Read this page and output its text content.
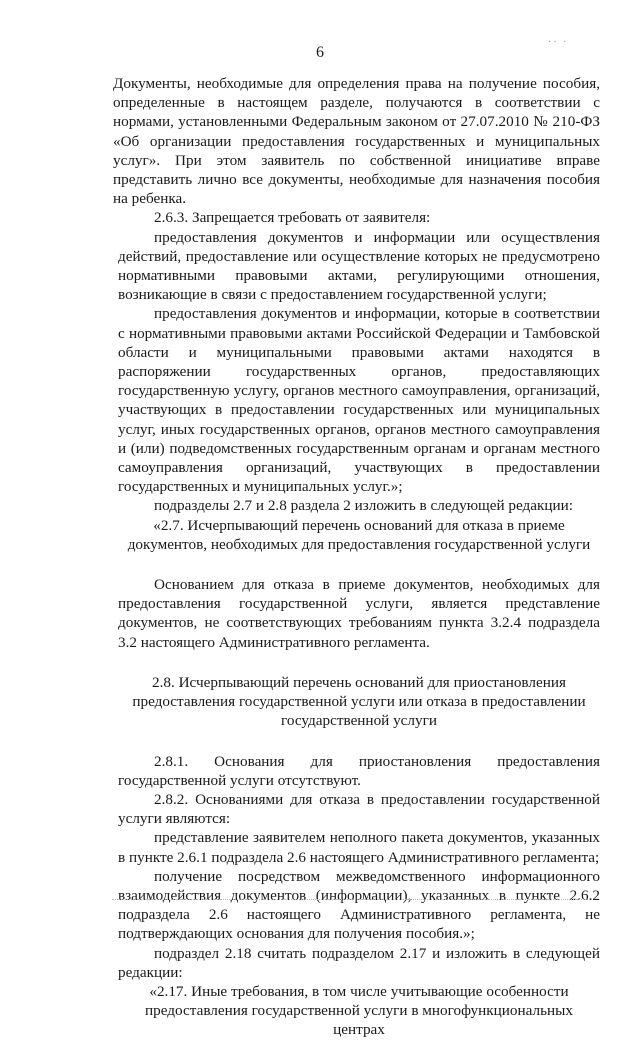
6
·· ·

Документы, необходимые для определения права на получение пособия, определенные в настоящем разделе, получаются в соответствии с нормами, установленными Федеральным законом от 27.07.2010 № 210-ФЗ «Об организации предоставления государственных и муниципальных услуг». При этом заявитель по собственной инициативе вправе представить лично все документы, необходимые для назначения пособия на ребенка.

2.6.3. Запрещается требовать от заявителя:

предоставления документов и информации или осуществления действий, предоставление или осуществление которых не предусмотрено нормативными правовыми актами, регулирующими отношения, возникающие в связи с предоставлением государственной услуги;

предоставления документов и информации, которые в соответствии с нормативными правовыми актами Российской Федерации и Тамбовской области и муниципальными правовыми актами находятся в распоряжении государственных органов, предоставляющих государственную услугу, органов местного самоуправления, организаций, участвующих в предоставлении государственных или муниципальных услуг, иных государственных органов, органов местного самоуправления и (или) подведомственных государственным органам и органам местного самоуправления организаций, участвующих в предоставлении государственных и муниципальных услуг.»;

подразделы 2.7 и 2.8 раздела 2 изложить в следующей редакции:

«2.7. Исчерпывающий перечень оснований для отказа в приеме документов, необходимых для предоставления государственной услуги

Основанием для отказа в приеме документов, необходимых для предоставления государственной услуги, является представление документов, не соответствующих требованиям пункта 3.2.4 подраздела 3.2 настоящего Административного регламента.

2.8. Исчерпывающий перечень оснований для приостановления предоставления государственной услуги или отказа в предоставлении государственной услуги

2.8.1. Основания для приостановления предоставления государственной услуги отсутствуют.

2.8.2. Основаниями для отказа в предоставлении государственной услуги являются:

представление заявителем неполного пакета документов, указанных в пункте 2.6.1 подраздела 2.6 настоящего Административного регламента;

получение посредством межведомственного информационного взаимодействия документов (информации), указанных в пункте 2.6.2 подраздела 2.6 настоящего Административного регламента, не подтверждающих основания для получения пособия.»;

подраздел 2.18 считать подразделом 2.17 и изложить в следующей редакции:

«2.17. Иные требования, в том числе учитывающие особенности предоставления государственной услуги в многофункциональных центрах
